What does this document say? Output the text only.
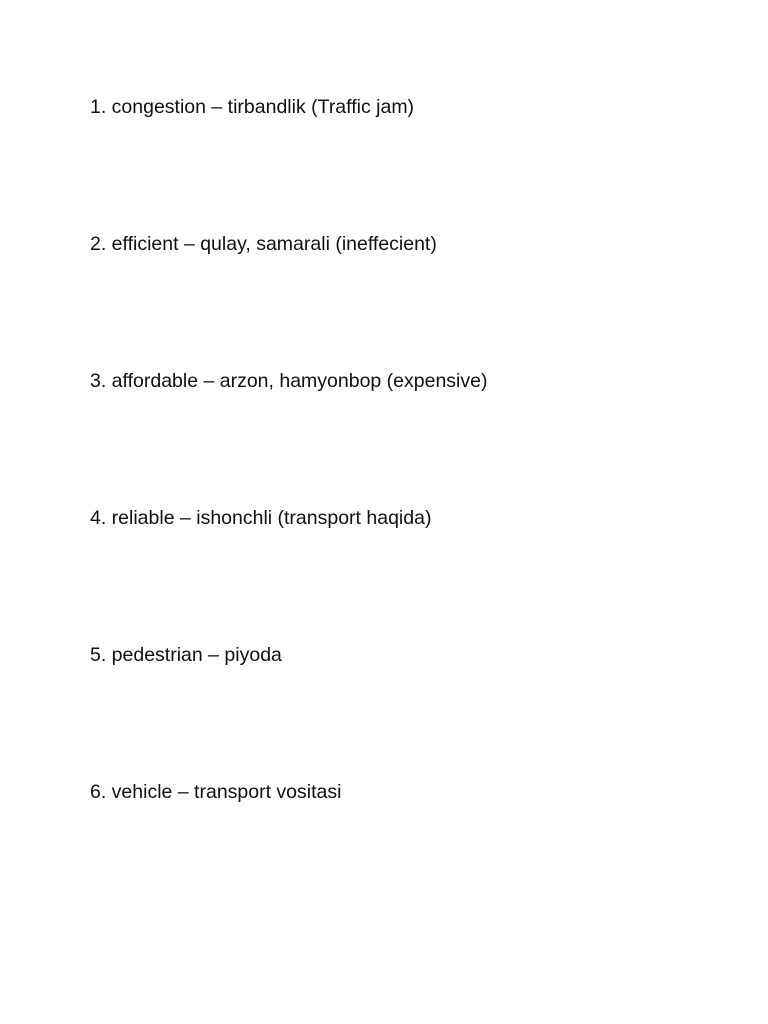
1. congestion – tirbandlik (Traffic jam)
2. efficient – qulay, samarali (ineffecient)
3. affordable – arzon, hamyonbop (expensive)
4. reliable – ishonchli (transport haqida)
5. pedestrian – piyoda
6. vehicle – transport vositasi
